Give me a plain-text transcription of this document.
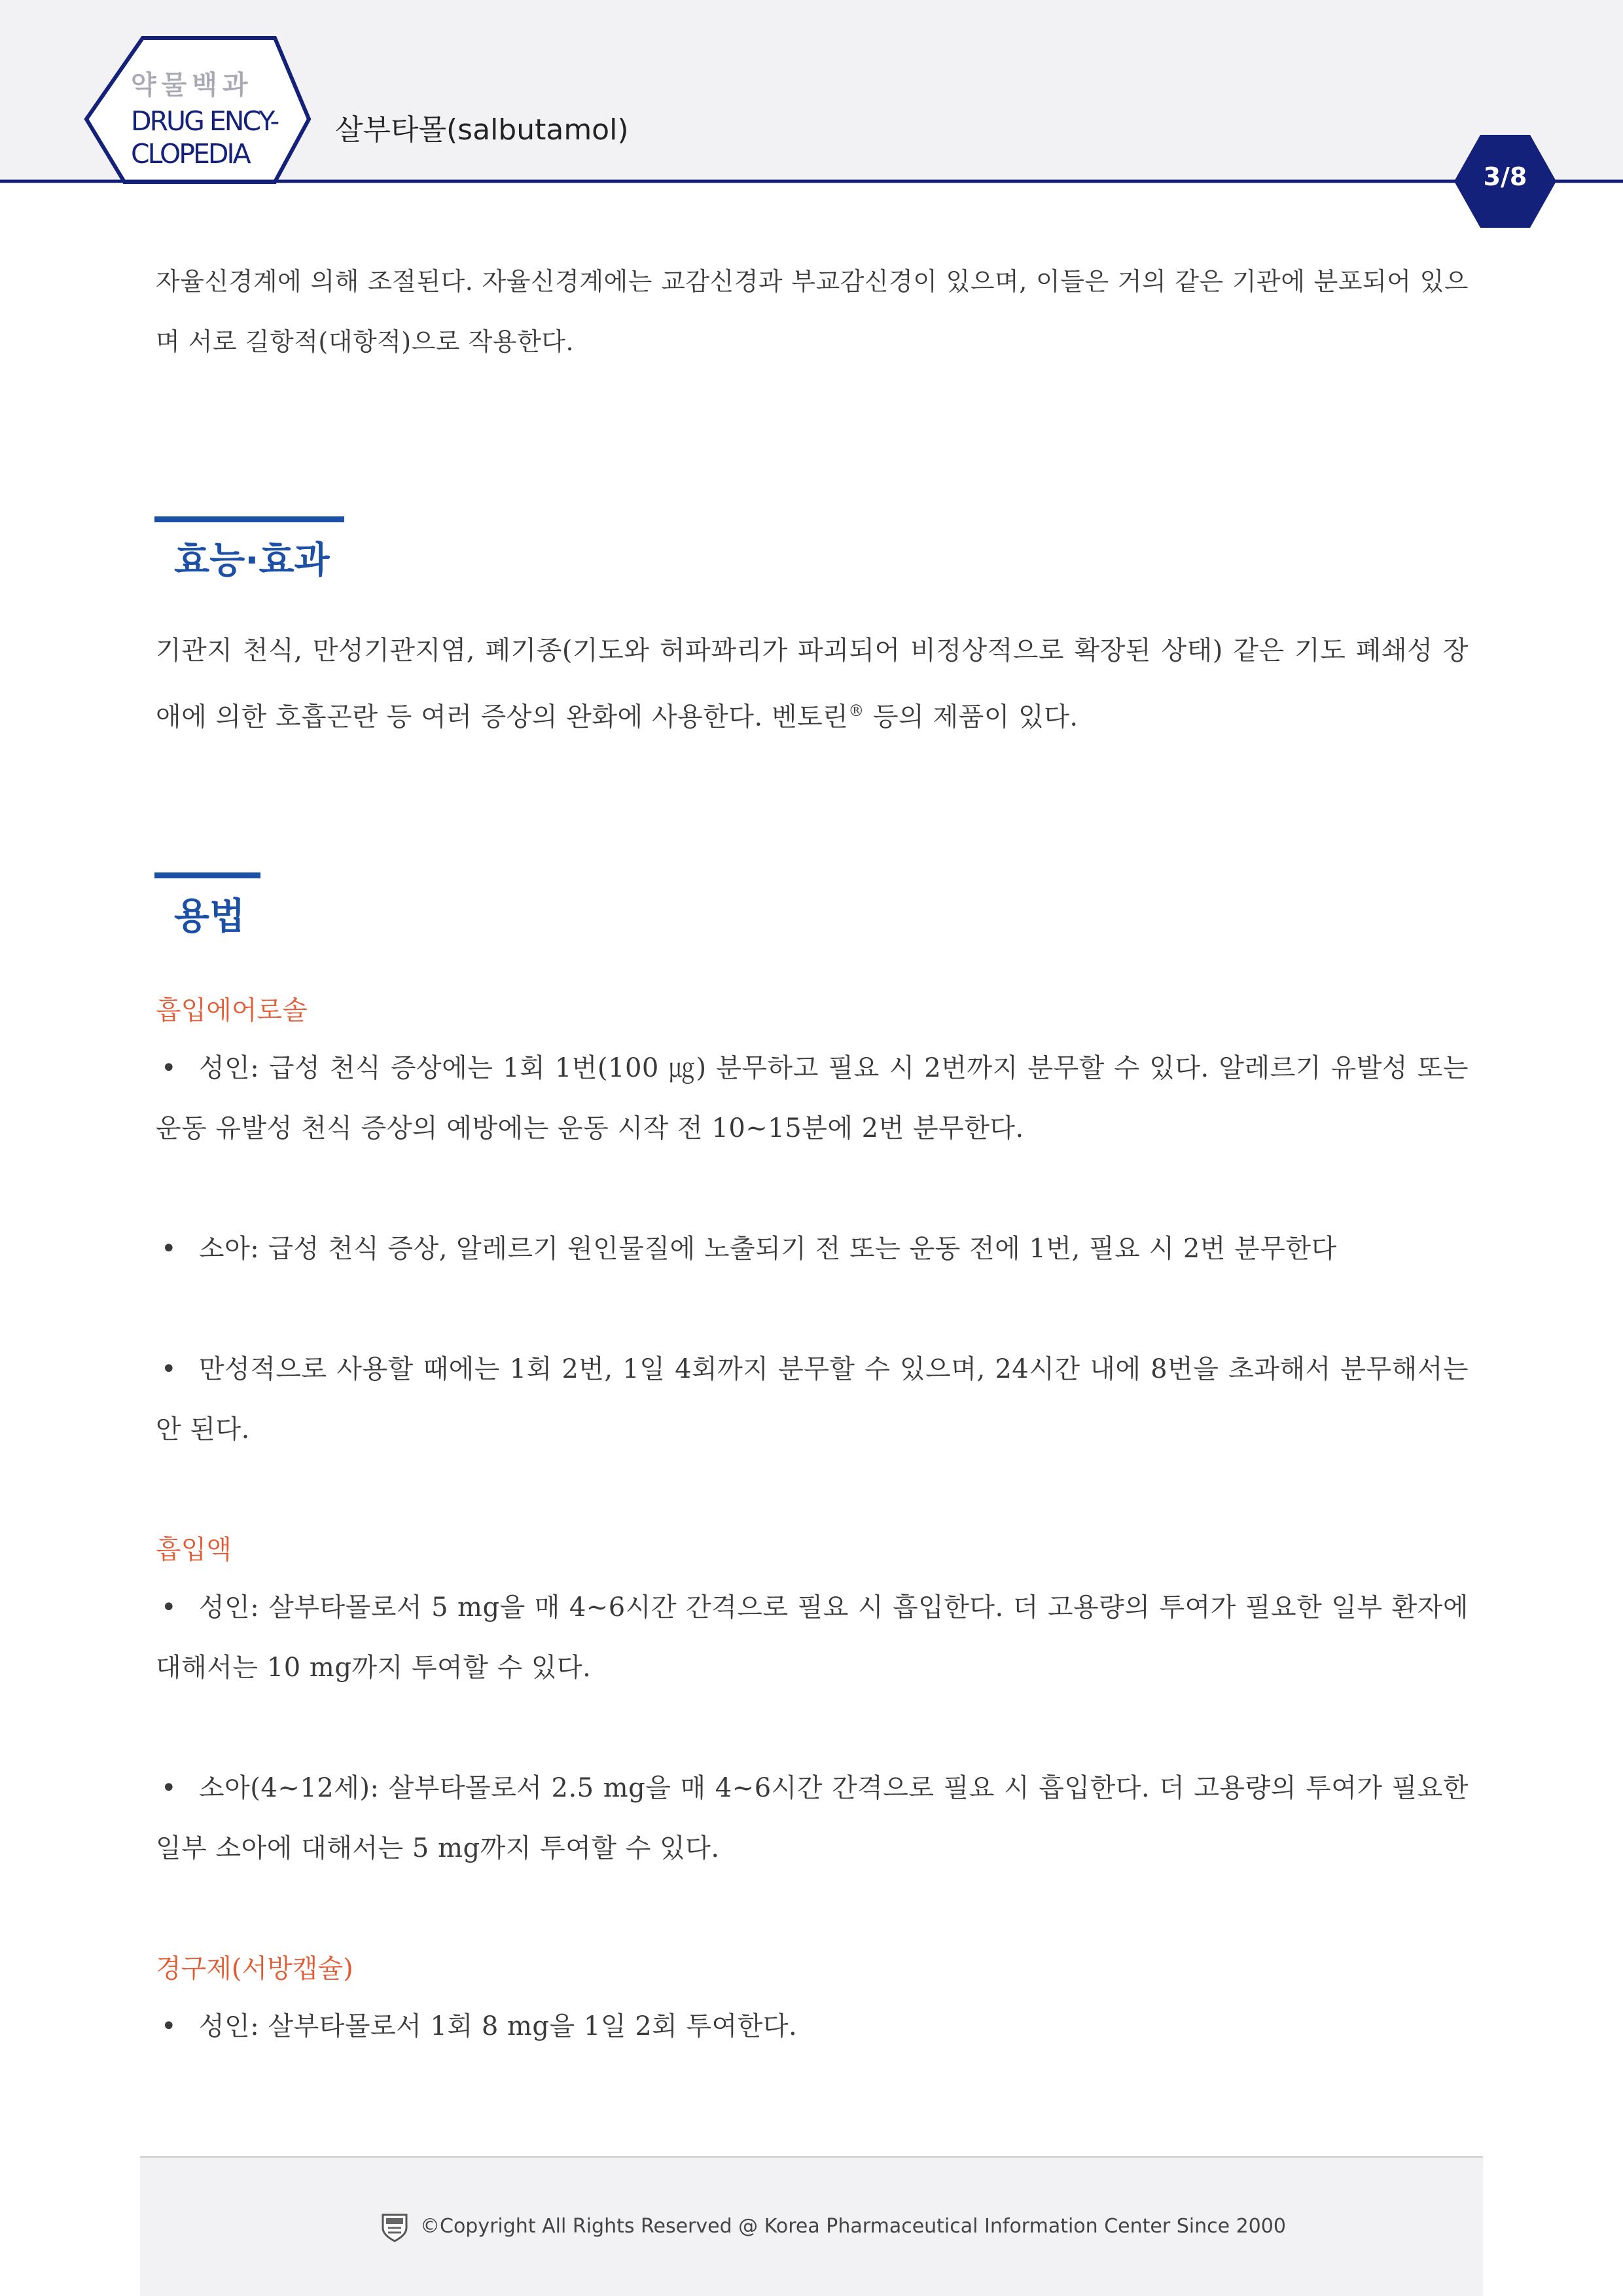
약물백과
DRUG ENCY-
CLOPEDIA
살부타몰(salbutamol)
3/8
자율신경계에 의해 조절된다. 자율신경계에는 교감신경과 부교감신경이 있으며, 이들은 거의 같은 기관에 분포되어 있으며 서로 길항적(대항적)으로 작용한다.
효능·효과
기관지 천식, 만성기관지염, 폐기종(기도와 허파꽈리가 파괴되어 비정상적으로 확장된 상태) 같은 기도 폐쇄성 장애에 의한 호흡곤란 등 여러 증상의 완화에 사용한다. 벤토린® 등의 제품이 있다.
용법
흡입에어로솔
• 성인: 급성 천식 증상에는 1회 1번(100 ㎍) 분무하고 필요 시 2번까지 분무할 수 있다. 알레르기 유발성 또는 운동 유발성 천식 증상의 예방에는 운동 시작 전 10~15분에 2번 분무한다.
• 소아: 급성 천식 증상, 알레르기 원인물질에 노출되기 전 또는 운동 전에 1번, 필요 시 2번 분무한다
• 만성적으로 사용할 때에는 1회 2번, 1일 4회까지 분무할 수 있으며, 24시간 내에 8번을 초과해서 분무해서는 안 된다.
흡입액
• 성인: 살부타몰로서 5 mg을 매 4~6시간 간격으로 필요 시 흡입한다. 더 고용량의 투여가 필요한 일부 환자에 대해서는 10 mg까지 투여할 수 있다.
• 소아(4~12세): 살부타몰로서 2.5 mg을 매 4~6시간 간격으로 필요 시 흡입한다. 더 고용량의 투여가 필요한 일부 소아에 대해서는 5 mg까지 투여할 수 있다.
경구제(서방캡슐)
• 성인: 살부타몰로서 1회 8 mg을 1일 2회 투여한다.
©Copyright All Rights Reserved @ Korea Pharmaceutical Information Center Since 2000
